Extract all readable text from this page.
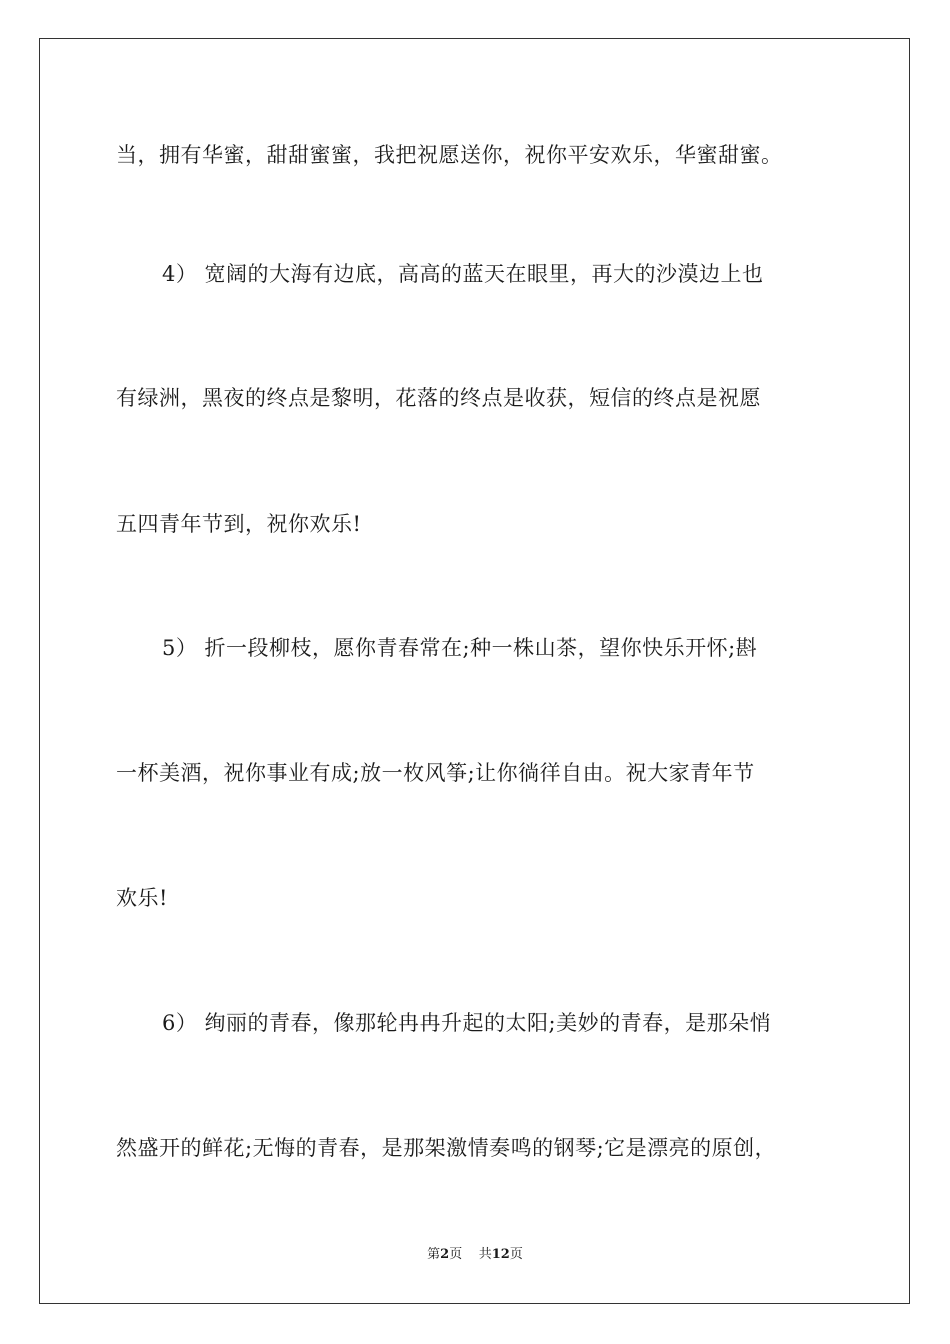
当，拥有华蜜，甜甜蜜蜜，我把祝愿送你，祝你平安欢乐，华蜜甜蜜。
4） 宽阔的大海有边底，高高的蓝天在眼里，再大的沙漠边上也
有绿洲，黑夜的终点是黎明，花落的终点是收获，短信的终点是祝愿
五四青年节到，祝你欢乐!
5） 折一段柳枝，愿你青春常在;种一株山茶，望你快乐开怀;斟
一杯美酒，祝你事业有成;放一枚风筝;让你徜徉自由。祝大家青年节
欢乐!
6） 绚丽的青春，像那轮冉冉升起的太阳;美妙的青春，是那朵悄
然盛开的鲜花;无悔的青春，是那架激情奏鸣的钢琴;它是漂亮的原创，
第2页 共12页
